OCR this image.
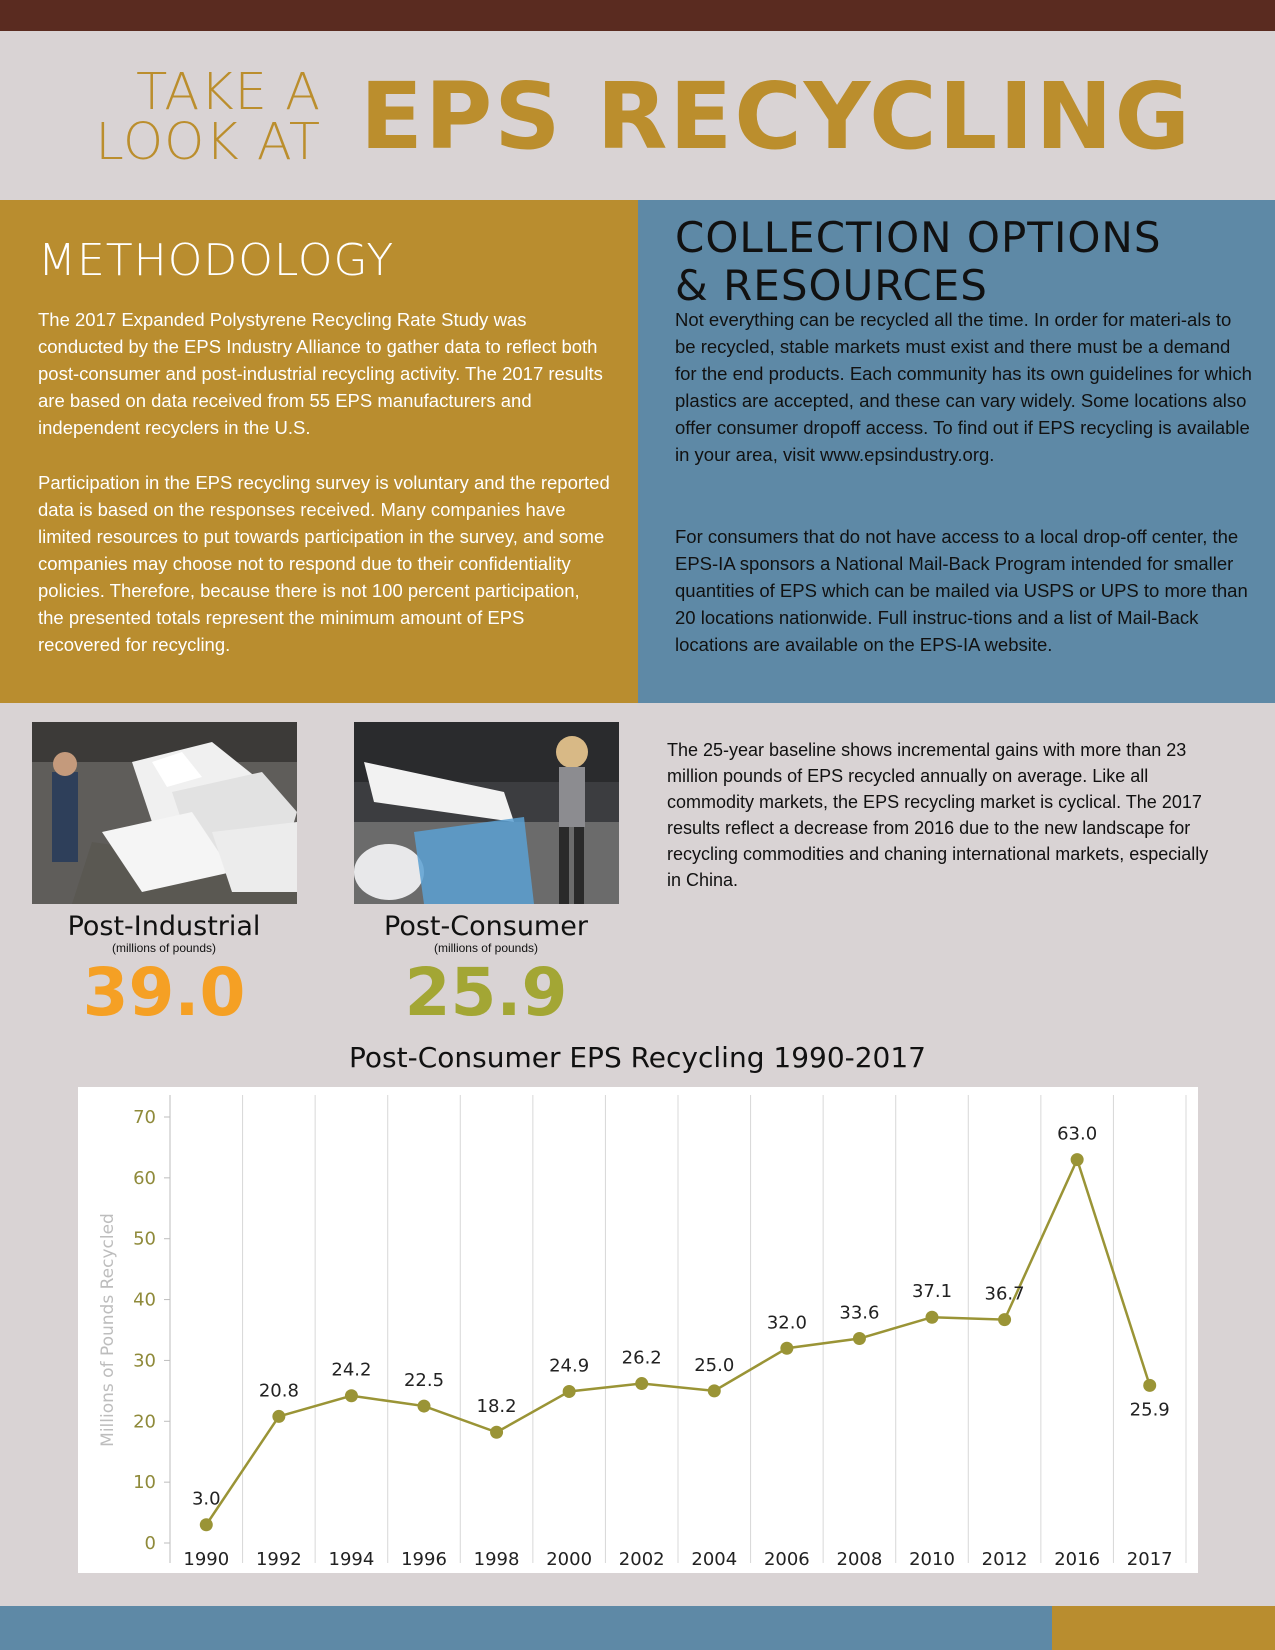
TAKE A
LOOK AT EPS RECYCLING
METHODOLOGY

The 2017 Expanded Polystyrene Recycling Rate Study was conducted by the EPS Industry Alliance to gather data to reflect both post-consumer and post-industrial recycling activity. The 2017 results are based on data received from 55 EPS manufacturers and independent recyclers in the U.S.

Participation in the EPS recycling survey is voluntary and the reported data is based on the responses received. Many companies have limited resources to put towards participation in the survey, and some companies may choose not to respond due to their confidentiality policies. Therefore, because there is not 100 percent participation, the presented totals represent the minimum amount of EPS recovered for recycling.

COLLECTION OPTIONS
& RESOURCES

Not everything can be recycled all the time. In order for materi-als to be recycled, stable markets must exist and there must be a demand for the end products. Each community has its own guidelines for which plastics are accepted, and these can vary widely. Some locations also offer consumer dropoff access. To find out if EPS recycling is available in your area, visit www.epsindustry.org.

For consumers that do not have access to a local drop-off center, the EPS-IA sponsors a National Mail-Back Program intended for smaller quantities of EPS which can be mailed via USPS or UPS to more than 20 locations nationwide. Full instruc-tions and a list of Mail-Back locations are available on the EPS-IA website.

Post-Industrial
(millions of pounds)
39.0
Post-Consumer
(millions of pounds)
25.9

The 25-year baseline shows incremental gains with more than 23 million pounds of EPS recycled annually on average. Like all commodity markets, the EPS recycling market is cyclical. The 2017 results reflect a decrease from 2016 due to the new landscape for recycling commodities and chaning international markets, especially in China.

Post-Consumer EPS Recycling 1990-2017
0
10
20
30
40
50
60
70
Millions of Pounds Recycled
1990 1992 1994 1996 1998 2000 2002 2004 2006 2008 2010 2012 2016 2017
3.0
20.8
24.2 22.5
18.2
24.9 26.2 25.0
32.0 33.6
37.1 36.7
63.0
25.9
